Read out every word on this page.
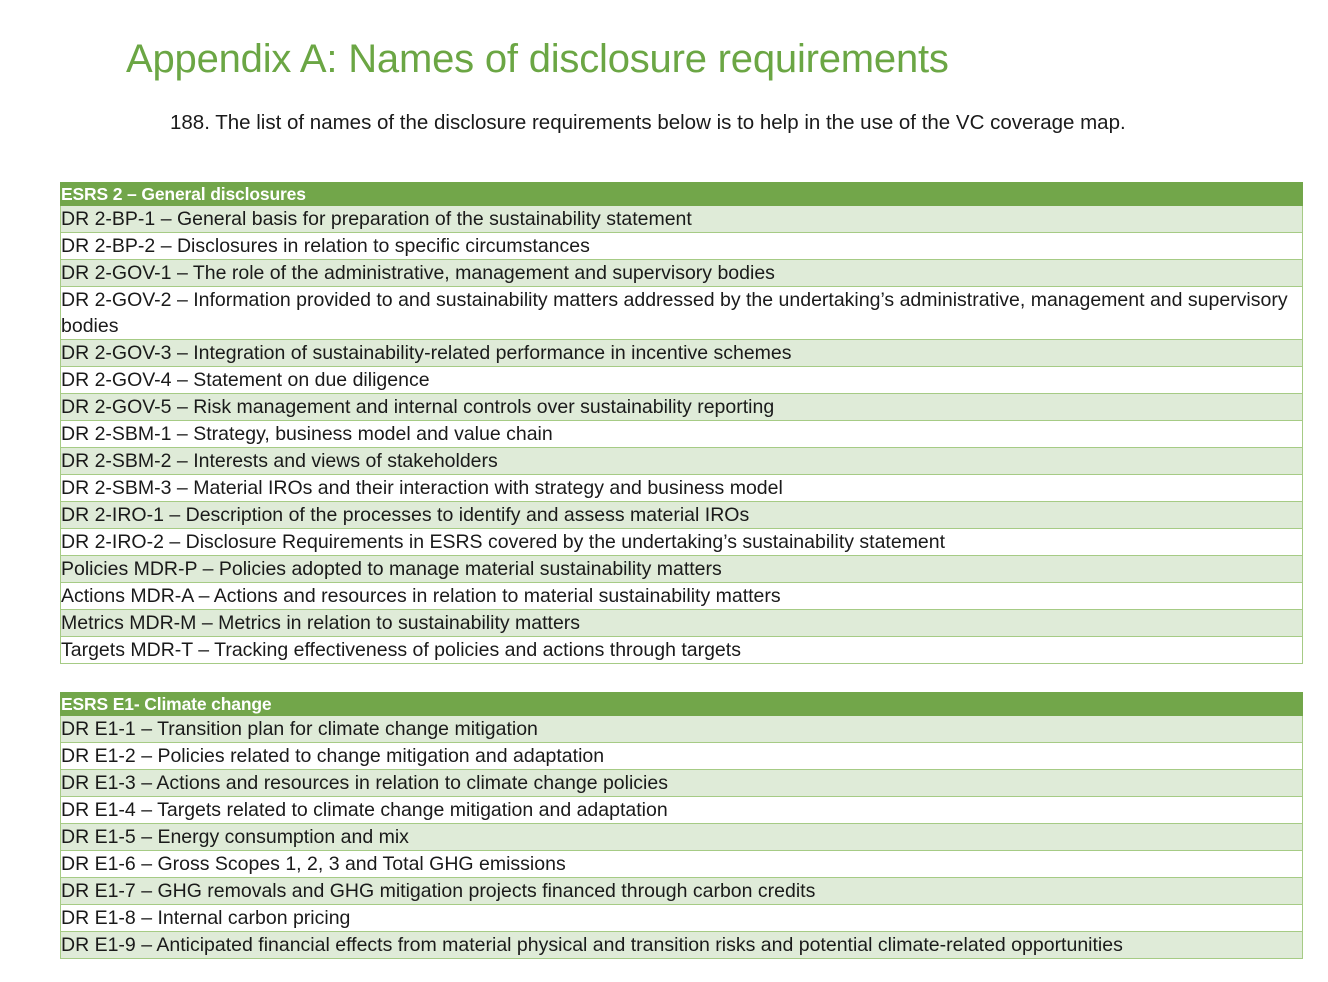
Appendix A: Names of disclosure requirements

188. The list of names of the disclosure requirements below is to help in the use of the VC coverage map.

ESRS 2 – General disclosures
DR 2-BP-1 – General basis for preparation of the sustainability statement
DR 2-BP-2 – Disclosures in relation to specific circumstances
DR 2-GOV-1 – The role of the administrative, management and supervisory bodies
DR 2-GOV-2 – Information provided to and sustainability matters addressed by the undertaking’s administrative, management and supervisory bodies
DR 2-GOV-3 – Integration of sustainability-related performance in incentive schemes
DR 2-GOV-4 – Statement on due diligence
DR 2-GOV-5 – Risk management and internal controls over sustainability reporting
DR 2-SBM-1 – Strategy, business model and value chain
DR 2-SBM-2 – Interests and views of stakeholders
DR 2-SBM-3 – Material IROs and their interaction with strategy and business model
DR 2-IRO-1 – Description of the processes to identify and assess material IROs
DR 2-IRO-2 – Disclosure Requirements in ESRS covered by the undertaking’s sustainability statement
Policies MDR-P – Policies adopted to manage material sustainability matters
Actions MDR-A – Actions and resources in relation to material sustainability matters
Metrics MDR-M – Metrics in relation to sustainability matters
Targets MDR-T – Tracking effectiveness of policies and actions through targets
ESRS E1- Climate change
DR E1-1 – Transition plan for climate change mitigation
DR E1-2 – Policies related to change mitigation and adaptation
DR E1-3 – Actions and resources in relation to climate change policies
DR E1-4 – Targets related to climate change mitigation and adaptation
DR E1-5 – Energy consumption and mix
DR E1-6 – Gross Scopes 1, 2, 3 and Total GHG emissions
DR E1-7 – GHG removals and GHG mitigation projects financed through carbon credits
DR E1-8 – Internal carbon pricing
DR E1-9 – Anticipated financial effects from material physical and transition risks and potential climate-related opportunities
